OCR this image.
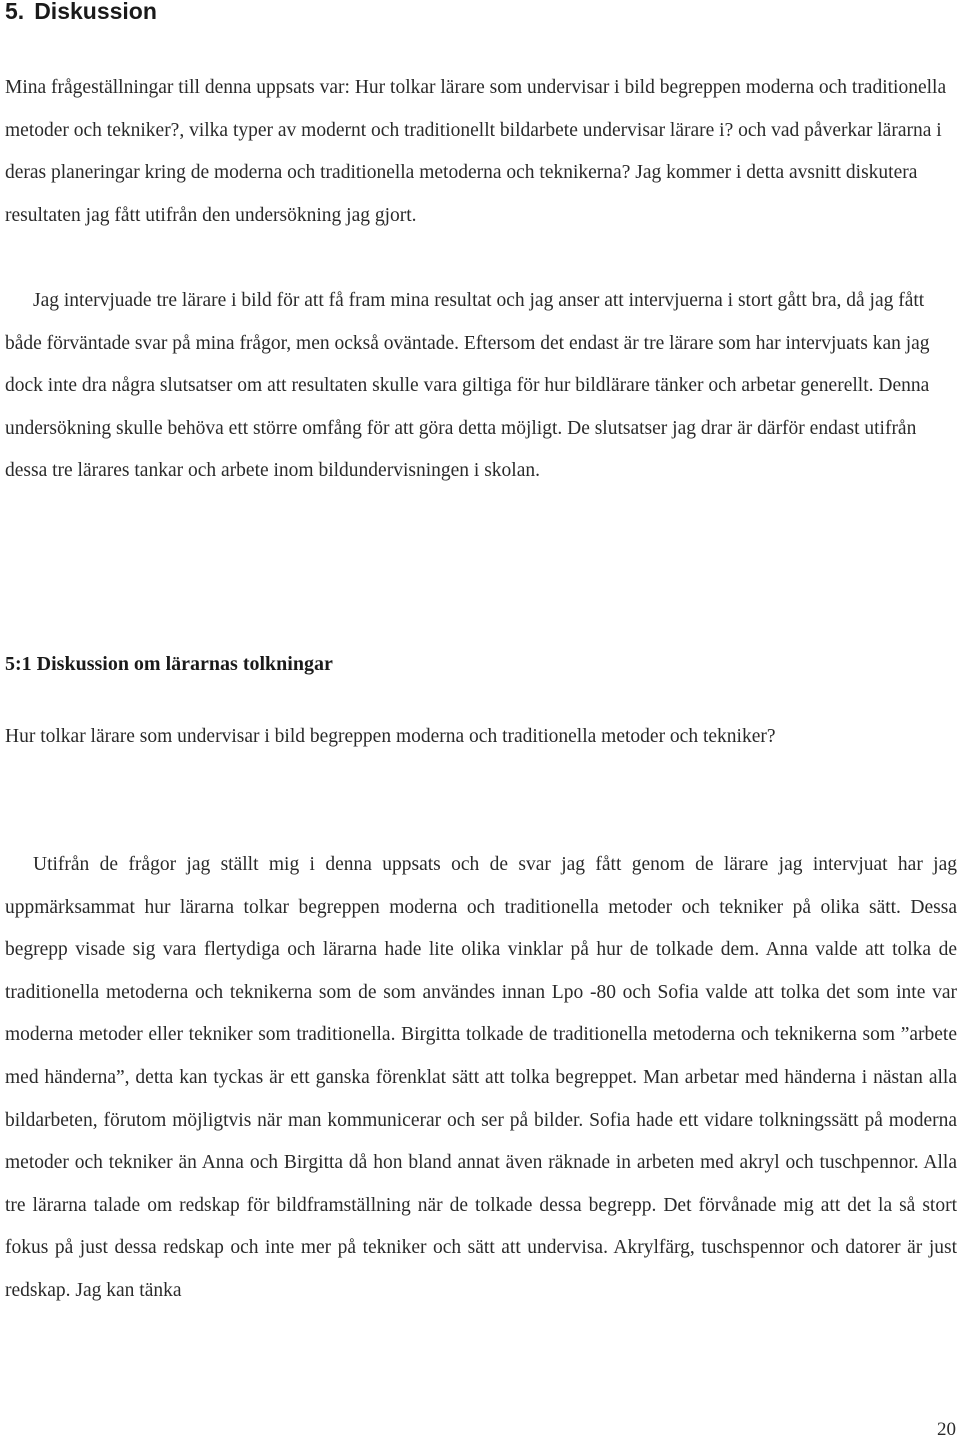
5. Diskussion

Mina frågeställningar till denna uppsats var: Hur tolkar lärare som undervisar i bild begreppen moderna och traditionella metoder och tekniker?, vilka typer av modernt och traditionellt bildarbete undervisar lärare i? och vad påverkar lärarna i deras planeringar kring de moderna och traditionella metoderna och teknikerna? Jag kommer i detta avsnitt diskutera resultaten jag fått utifrån den undersökning jag gjort.

Jag intervjuade tre lärare i bild för att få fram mina resultat och jag anser att intervjuerna i stort gått bra, då jag fått både förväntade svar på mina frågor, men också oväntade. Eftersom det endast är tre lärare som har intervjuats kan jag dock inte dra några slutsatser om att resultaten skulle vara giltiga för hur bildlärare tänker och arbetar generellt. Denna undersökning skulle behöva ett större omfång för att göra detta möjligt. De slutsatser jag drar är därför endast utifrån dessa tre lärares tankar och arbete inom bildundervisningen i skolan.

5:1 Diskussion om lärarnas tolkningar

Hur tolkar lärare som undervisar i bild begreppen moderna och traditionella metoder och tekniker?

Utifrån de frågor jag ställt mig i denna uppsats och de svar jag fått genom de lärare jag intervjuat har jag uppmärksammat hur lärarna tolkar begreppen moderna och traditionella metoder och tekniker på olika sätt. Dessa begrepp visade sig vara flertydiga och lärarna hade lite olika vinklar på hur de tolkade dem. Anna valde att tolka de traditionella metoderna och teknikerna som de som användes innan Lpo -80 och Sofia valde att tolka det som inte var moderna metoder eller tekniker som traditionella. Birgitta tolkade de traditionella metoderna och teknikerna som ”arbete med händerna”, detta kan tyckas är ett ganska förenklat sätt att tolka begreppet. Man arbetar med händerna i nästan alla bildarbeten, förutom möjligtvis när man kommunicerar och ser på bilder. Sofia hade ett vidare tolkningssätt på moderna metoder och tekniker än Anna och Birgitta då hon bland annat även räknade in arbeten med akryl och tuschpennor. Alla tre lärarna talade om redskap för bildframställning när de tolkade dessa begrepp. Det förvånade mig att det la så stort fokus på just dessa redskap och inte mer på tekniker och sätt att undervisa. Akrylfärg, tuschspennor och datorer är just redskap. Jag kan tänka

20
